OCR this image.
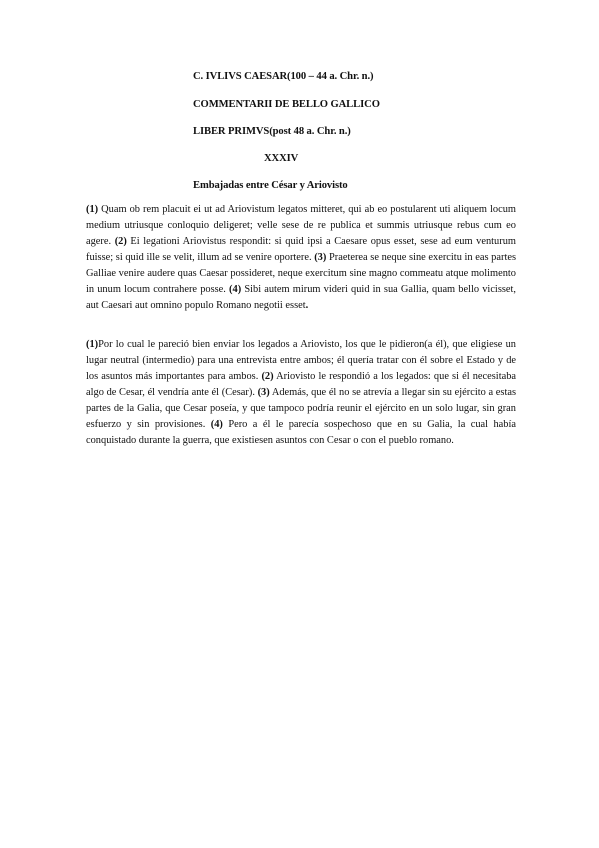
C. IVLIVS CAESAR(100 – 44 a. Chr. n.)
COMMENTARII DE BELLO GALLICO
LIBER PRIMVS(post 48 a. Chr. n.)
XXXIV
Embajadas entre César y Ariovisto
(1) Quam ob rem placuit ei ut ad Ariovistum legatos mitteret, qui ab eo postularent uti aliquem locum medium utriusque conloquio deligeret; velle sese de re publica et summis utriusque rebus cum eo agere. (2) Ei legationi Ariovistus respondit: si quid ipsi a Caesare opus esset, sese ad eum venturum fuisse; si quid ille se velit, illum ad se venire oportere. (3) Praeterea se neque sine exercitu in eas partes Galliae venire audere quas Caesar possideret, neque exercitum sine magno commeatu atque molimento in unum locum contrahere posse. (4) Sibi autem mirum videri quid in sua Gallia, quam bello vicisset, aut Caesari aut omnino populo Romano negotii esset.
(1)Por lo cual le pareció bien enviar los legados a Ariovisto, los que le pidieron(a él), que eligiese un lugar neutral (intermedio) para una entrevista entre ambos; él quería tratar con él sobre el Estado y de los asuntos más importantes para ambos. (2) Ariovisto le respondió a los legados: que si él necesitaba algo de Cesar, él vendría ante él (Cesar). (3) Además, que él no se atrevía a llegar sin su ejército a estas partes de la Galia, que Cesar poseía, y que tampoco podría reunir el ejército en un solo lugar, sin gran esfuerzo y sin provisiones. (4) Pero a él le parecía sospechoso que en su Galia, la cual había conquistado durante la guerra, que existiesen asuntos con Cesar o con el pueblo romano.
